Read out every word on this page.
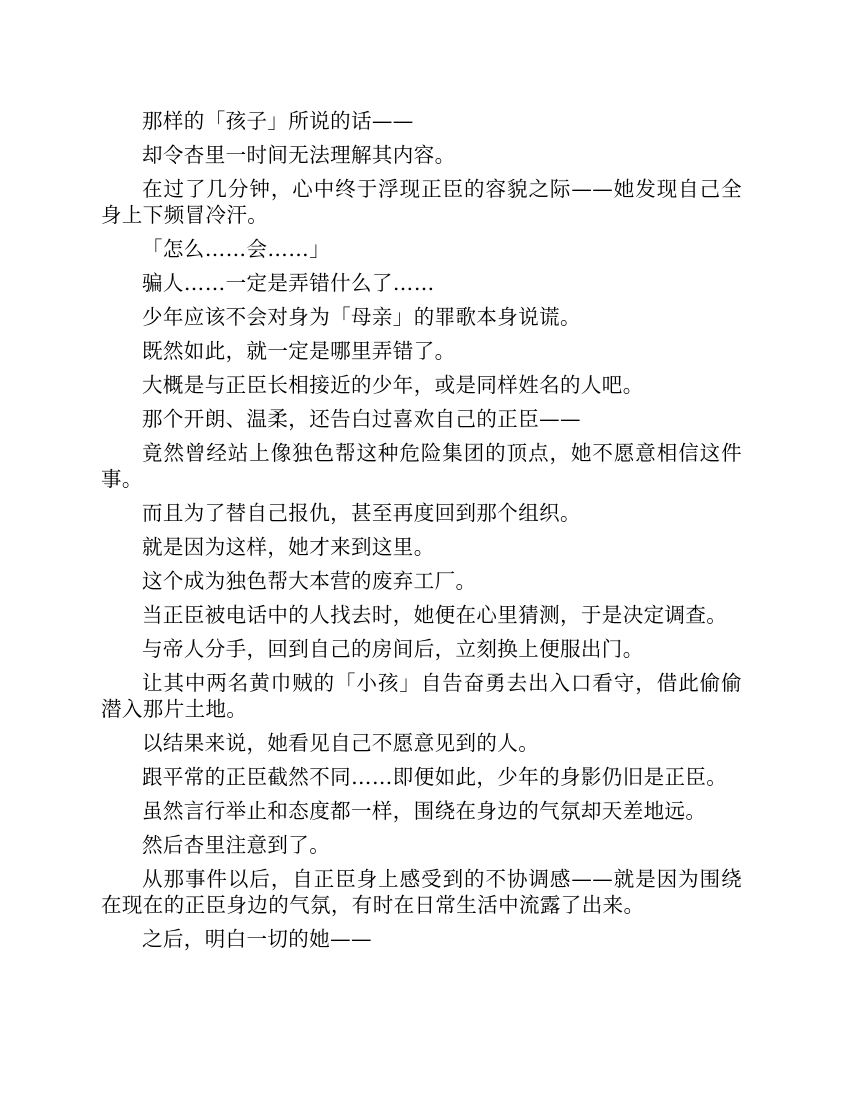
那样的「孩子」所说的话——

却令杏里一时间无法理解其内容。

在过了几分钟，心中终于浮现正臣的容貌之际——她发现自己全身上下频冒冷汗。

「怎么……会……」

骗人……一定是弄错什么了……

少年应该不会对身为「母亲」的罪歌本身说谎。

既然如此，就一定是哪里弄错了。

大概是与正臣长相接近的少年，或是同样姓名的人吧。

那个开朗、温柔，还告白过喜欢自己的正臣——

竟然曾经站上像独色帮这种危险集团的顶点，她不愿意相信这件事。

而且为了替自己报仇，甚至再度回到那个组织。

就是因为这样，她才来到这里。

这个成为独色帮大本营的废弃工厂。

当正臣被电话中的人找去时，她便在心里猜测，于是决定调查。

与帝人分手，回到自己的房间后，立刻换上便服出门。

让其中两名黄巾贼的「小孩」自告奋勇去出入口看守，借此偷偷潜入那片土地。

以结果来说，她看见自己不愿意见到的人。

跟平常的正臣截然不同……即便如此，少年的身影仍旧是正臣。

虽然言行举止和态度都一样，围绕在身边的气氛却天差地远。

然后杏里注意到了。

从那事件以后，自正臣身上感受到的不协调感——就是因为围绕在现在的正臣身边的气氛，有时在日常生活中流露了出来。

之后，明白一切的她——
